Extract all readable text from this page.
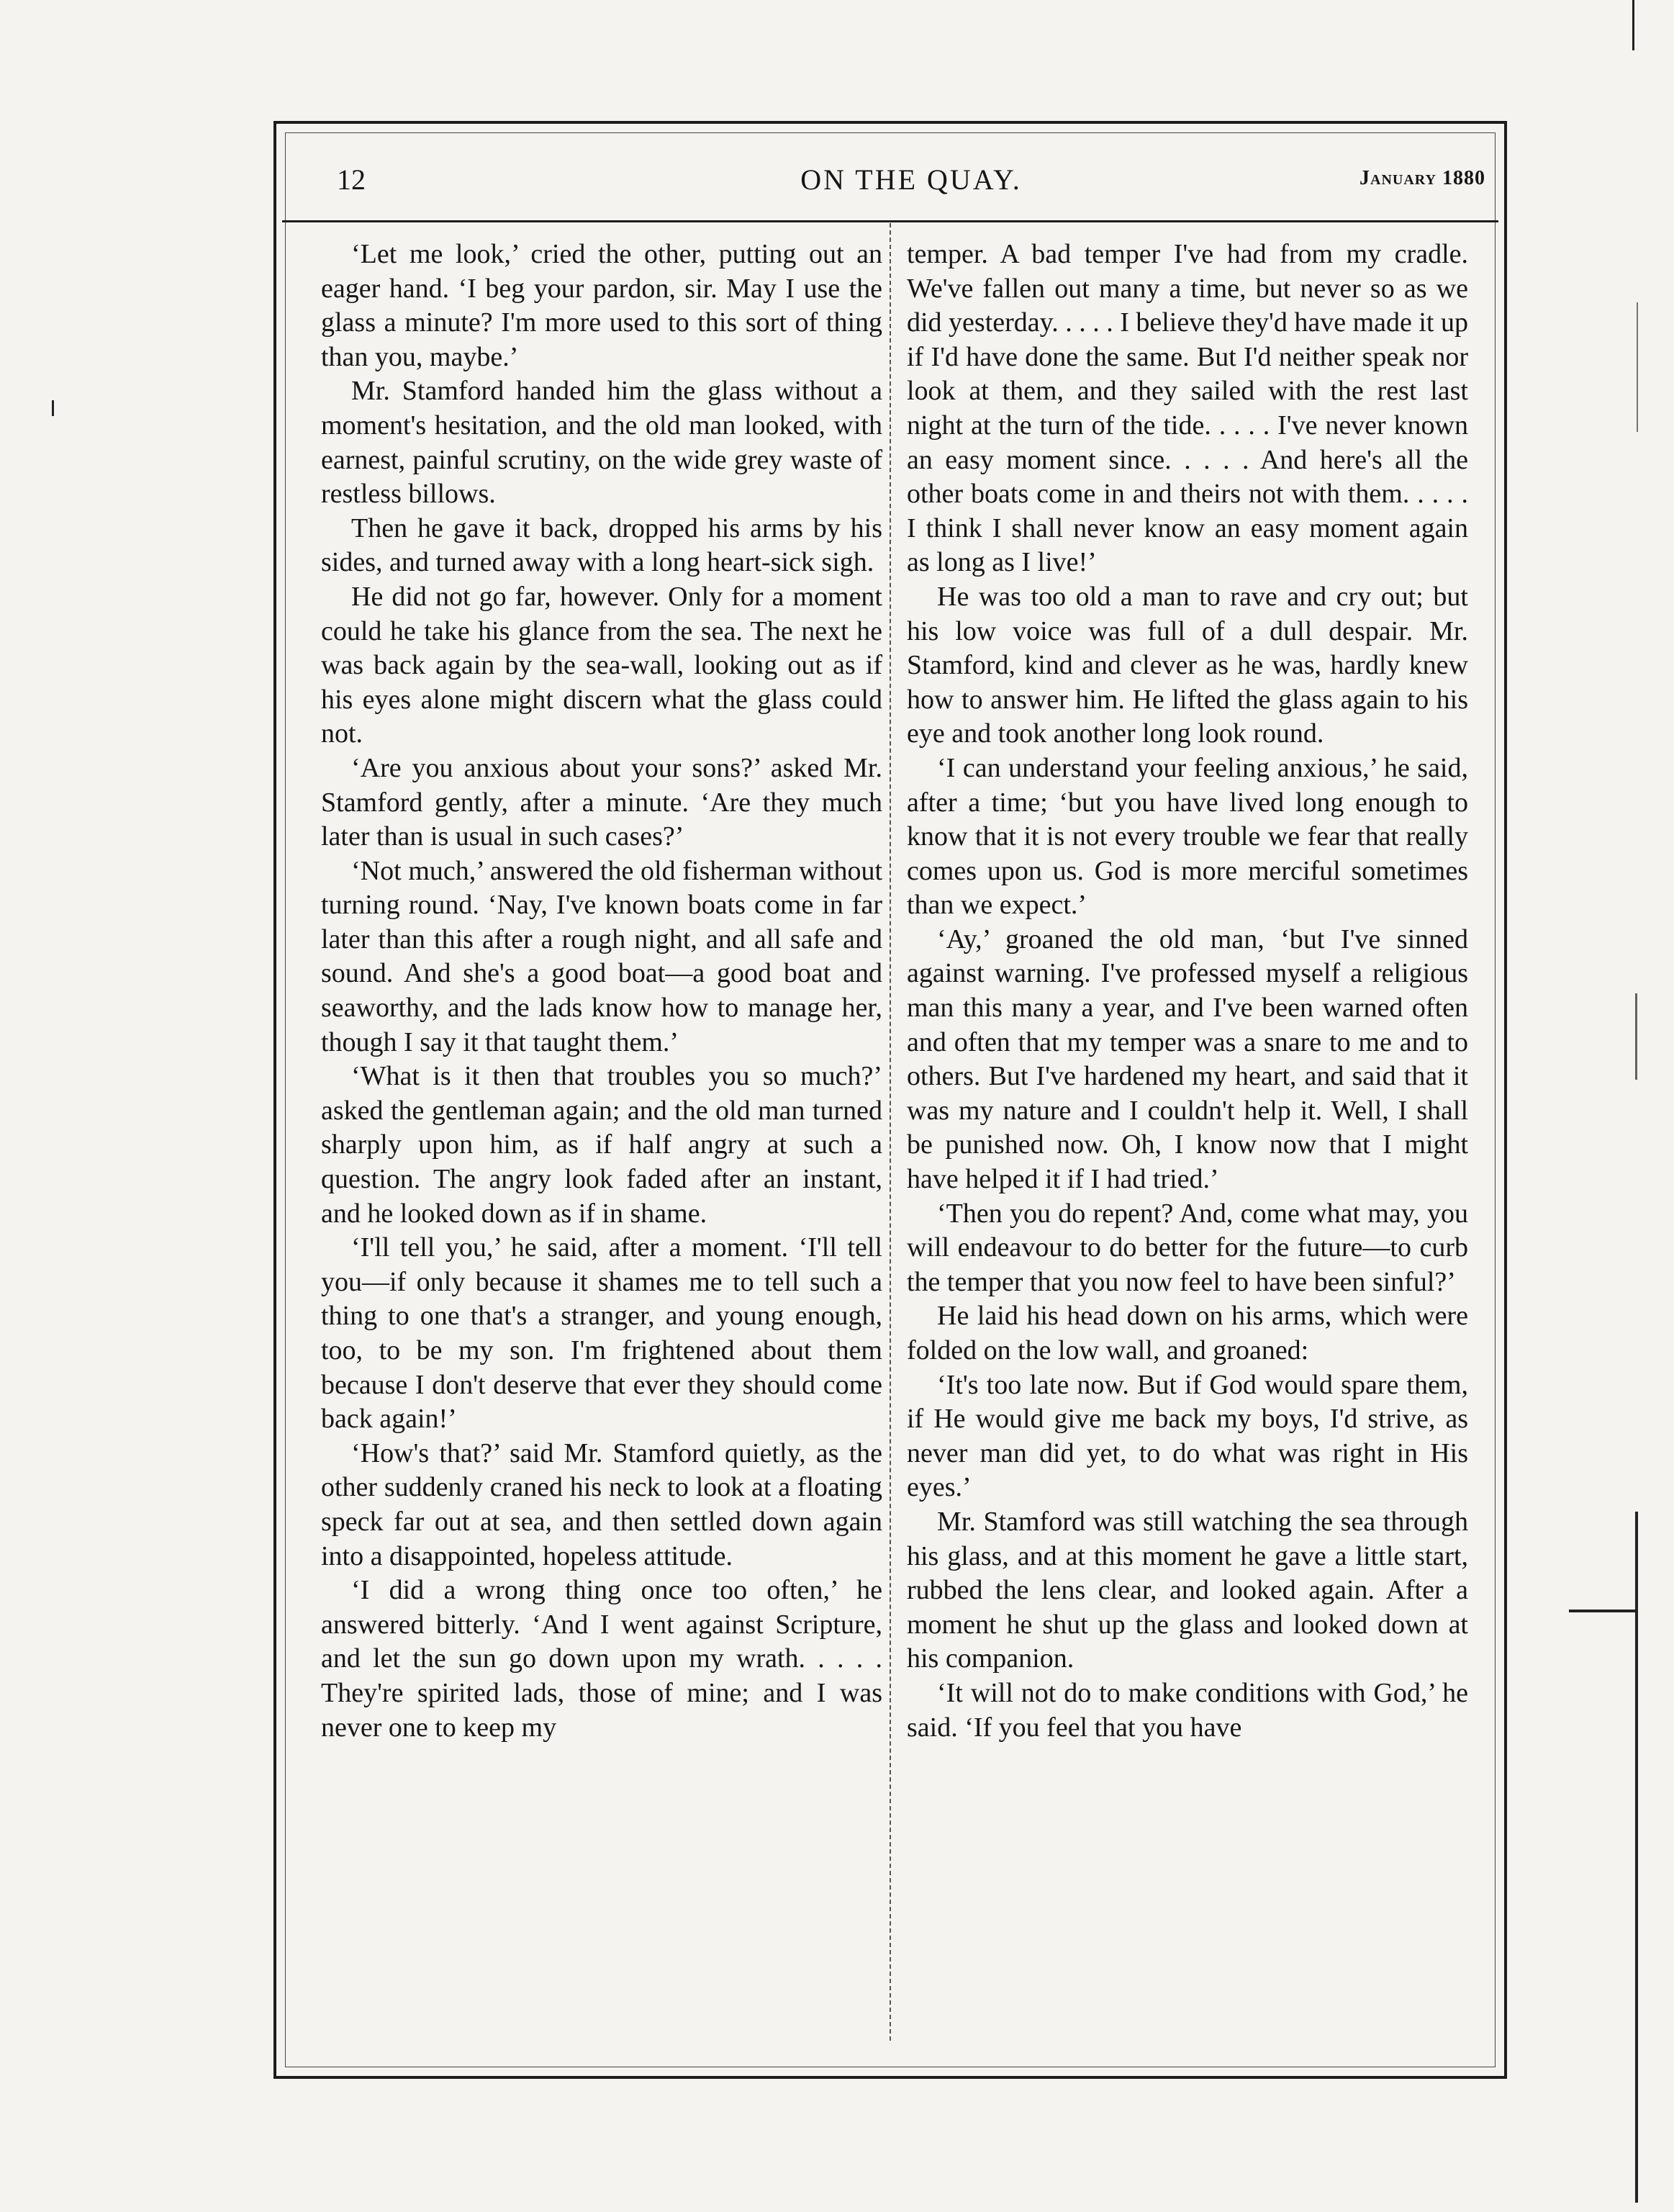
12	ON THE QUAY.	January 1880

‘Let me look,’ cried the other, putting out an eager hand. ‘I beg your pardon, sir. May I use the glass a minute? I'm more used to this sort of thing than you, maybe.’

Mr. Stamford handed him the glass without a moment's hesitation, and the old man looked, with earnest, painful scrutiny, on the wide grey waste of restless billows.

Then he gave it back, dropped his arms by his sides, and turned away with a long heart-sick sigh.

He did not go far, however. Only for a moment could he take his glance from the sea. The next he was back again by the sea-wall, looking out as if his eyes alone might discern what the glass could not.

‘Are you anxious about your sons?’ asked Mr. Stamford gently, after a minute. ‘Are they much later than is usual in such cases?’

‘Not much,’ answered the old fisherman without turning round. ‘Nay, I've known boats come in far later than this after a rough night, and all safe and sound. And she's a good boat—a good boat and seaworthy, and the lads know how to manage her, though I say it that taught them.’

‘What is it then that troubles you so much?’ asked the gentleman again; and the old man turned sharply upon him, as if half angry at such a question. The angry look faded after an instant, and he looked down as if in shame.

‘I'll tell you,’ he said, after a moment. ‘I'll tell you—if only because it shames me to tell such a thing to one that's a stranger, and young enough, too, to be my son. I'm frightened about them because I don't deserve that ever they should come back again!’

‘How's that?’ said Mr. Stamford quietly, as the other suddenly craned his neck to look at a floating speck far out at sea, and then settled down again into a disappointed, hopeless attitude.

‘I did a wrong thing once too often,’ he answered bitterly. ‘And I went against Scripture, and let the sun go down upon my wrath. . . . . They're spirited lads, those of mine; and I was never one to keep my

temper. A bad temper I've had from my cradle. We've fallen out many a time, but never so as we did yesterday. . . . . I believe they'd have made it up if I'd have done the same. But I'd neither speak nor look at them, and they sailed with the rest last night at the turn of the tide. . . . . I've never known an easy moment since. . . . . And here's all the other boats come in and theirs not with them. . . . . I think I shall never know an easy moment again as long as I live!’

He was too old a man to rave and cry out; but his low voice was full of a dull despair. Mr. Stamford, kind and clever as he was, hardly knew how to answer him. He lifted the glass again to his eye and took another long look round.

‘I can understand your feeling anxious,’ he said, after a time; ‘but you have lived long enough to know that it is not every trouble we fear that really comes upon us. God is more merciful sometimes than we expect.’

‘Ay,’ groaned the old man, ‘but I've sinned against warning. I've professed myself a religious man this many a year, and I've been warned often and often that my temper was a snare to me and to others. But I've hardened my heart, and said that it was my nature and I couldn't help it. Well, I shall be punished now. Oh, I know now that I might have helped it if I had tried.’

‘Then you do repent? And, come what may, you will endeavour to do better for the future—to curb the temper that you now feel to have been sinful?’

He laid his head down on his arms, which were folded on the low wall, and groaned:

‘It's too late now. But if God would spare them, if He would give me back my boys, I'd strive, as never man did yet, to do what was right in His eyes.’

Mr. Stamford was still watching the sea through his glass, and at this moment he gave a little start, rubbed the lens clear, and looked again. After a moment he shut up the glass and looked down at his companion.

‘It will not do to make conditions with God,’ he said. ‘If you feel that you have
